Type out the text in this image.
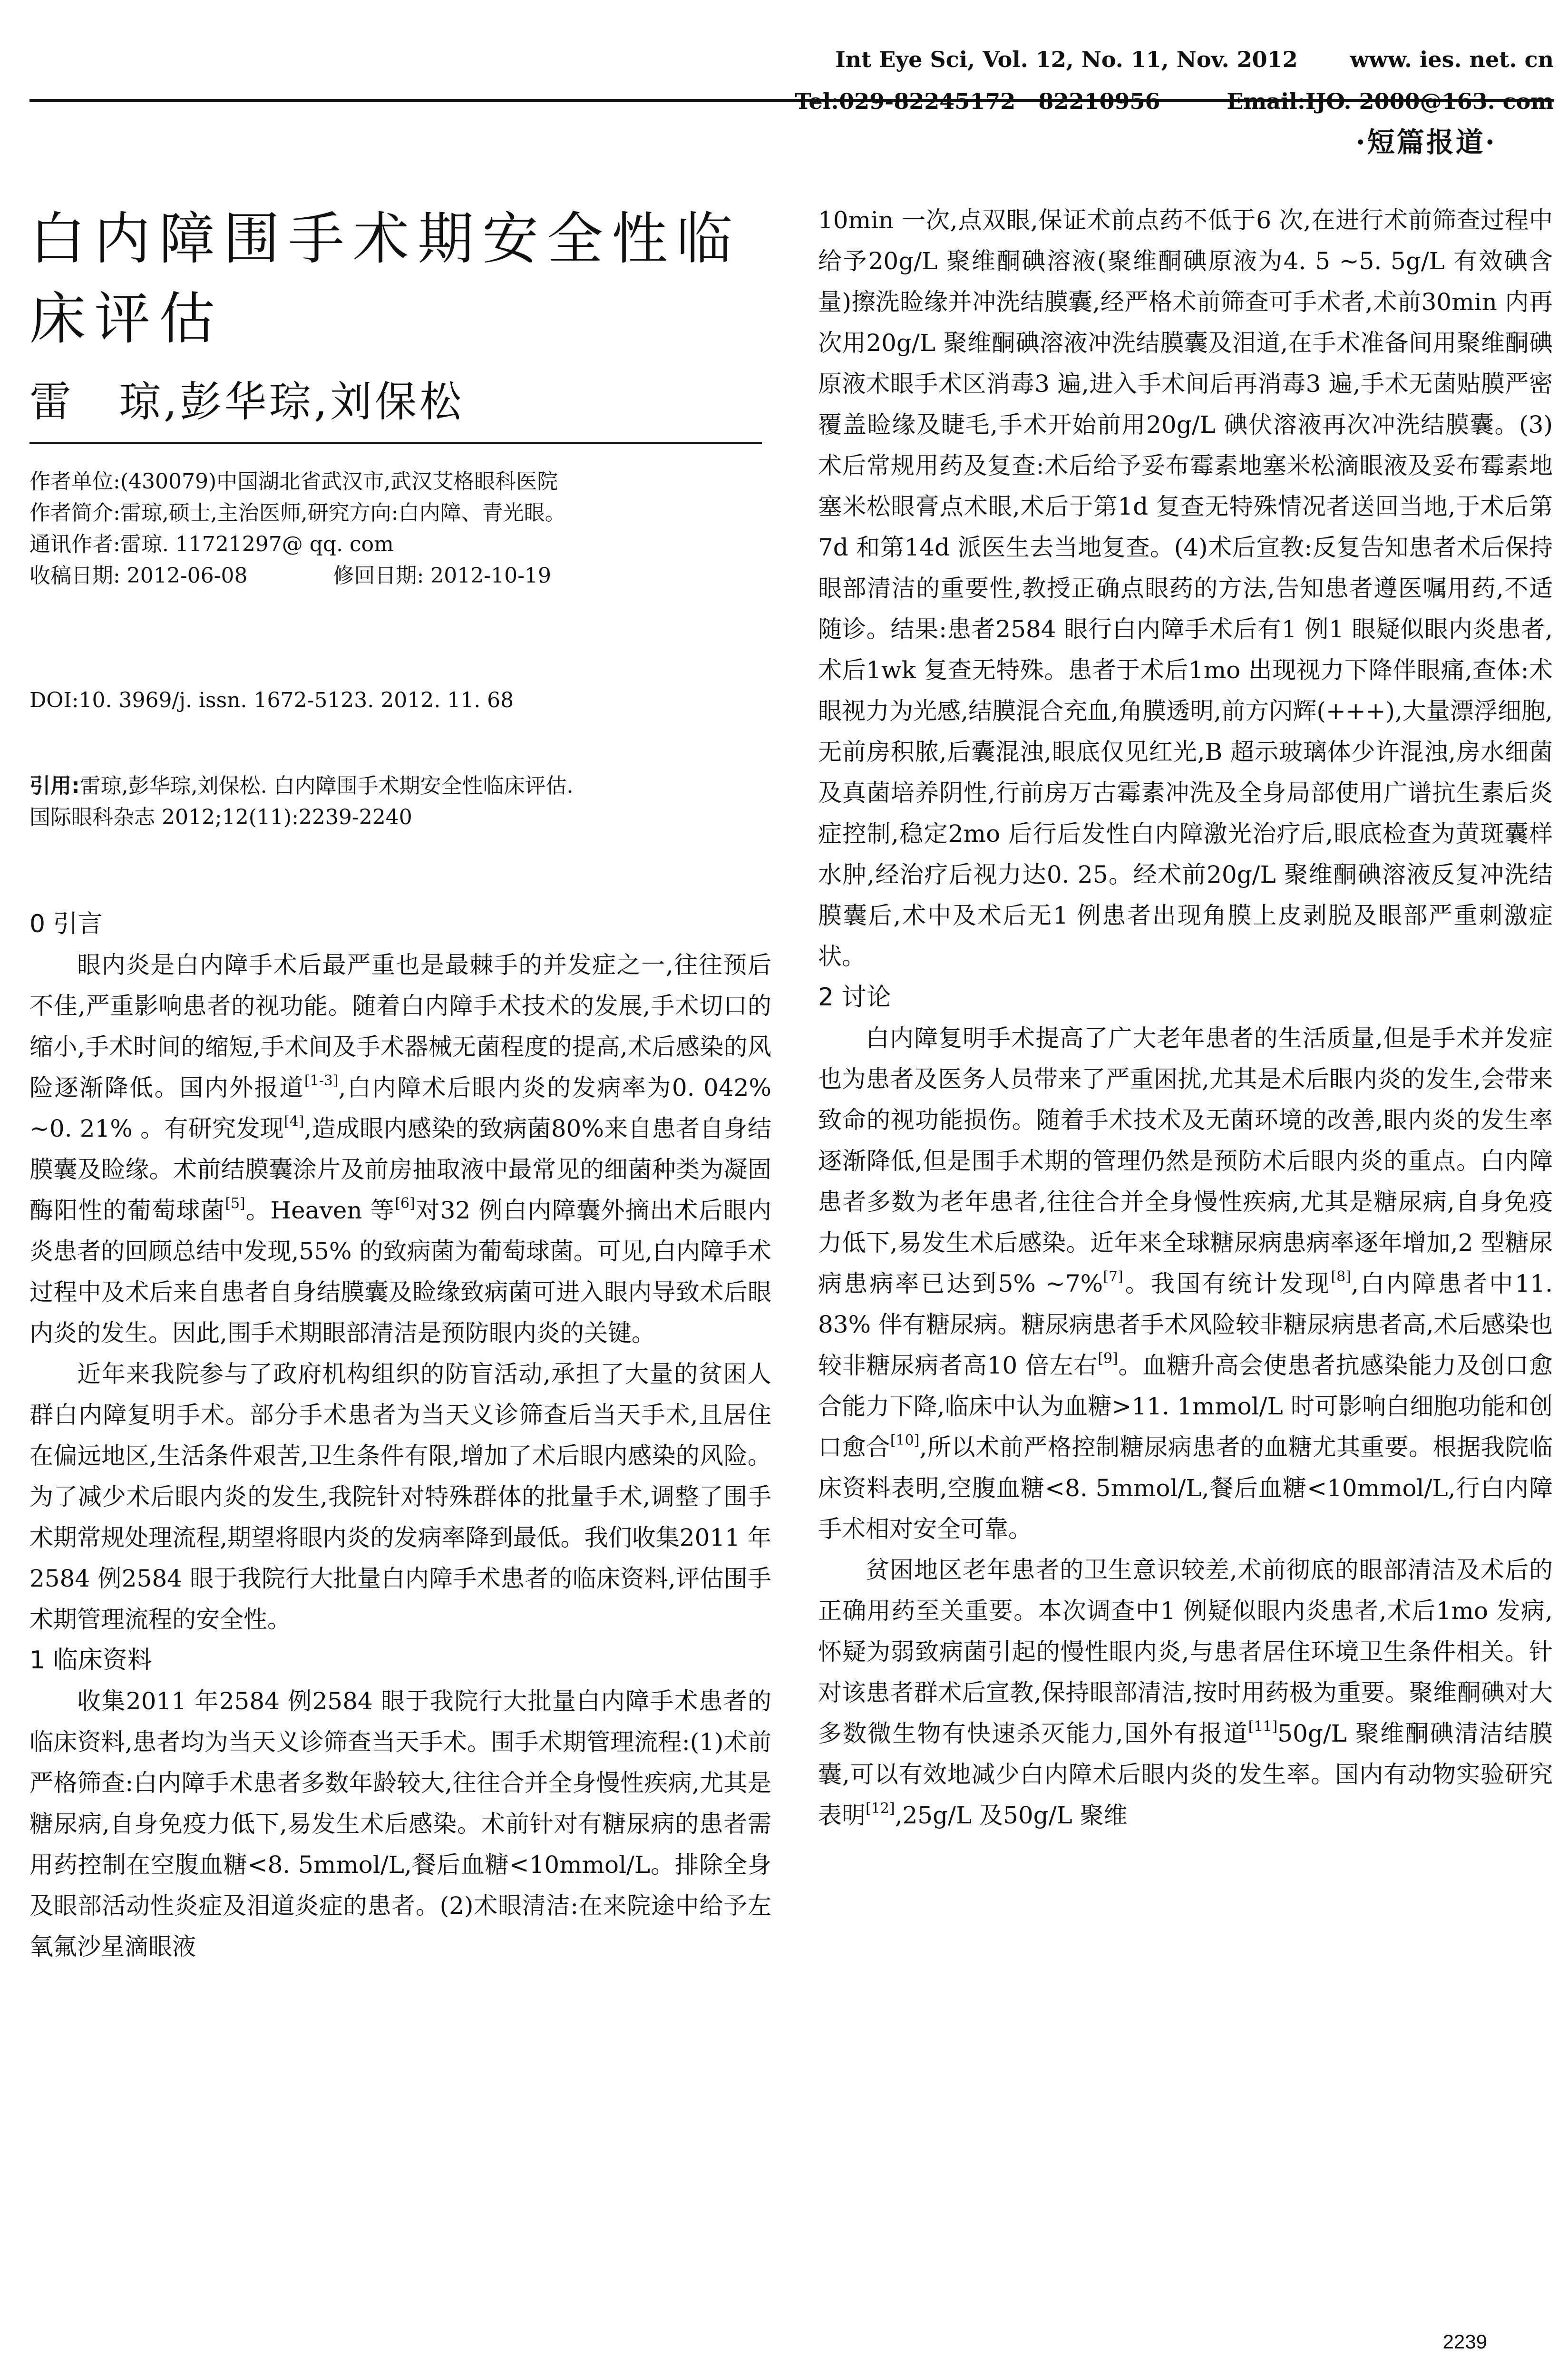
Int Eye Sci, Vol. 12, No. 11, Nov. 2012 www. ies. net. cn

Tel:029-82245172   82210956	Email:IJO. 2000@163. com

·短篇报道·
白内障围手术期安全性临床评估
雷　琼,彭华琮,刘保松
作者单位:(430079)中国湖北省武汉市,武汉艾格眼科医院
作者简介:雷琼,硕士,主治医师,研究方向:白内障、青光眼。
通讯作者:雷琼. 11721297@ qq. com
收稿日期: 2012-06-08	修回日期: 2012-10-19
DOI:10. 3969/j. issn. 1672-5123. 2012. 11. 68
引用:雷琼,彭华琮,刘保松. 白内障围手术期安全性临床评估.
国际眼科杂志 2012;12(11):2239-2240
0 引言

眼内炎是白内障手术后最严重也是最棘手的并发症之一,往往预后不佳,严重影响患者的视功能。随着白内障手术技术的发展,手术切口的缩小,手术时间的缩短,手术间及手术器械无菌程度的提高,术后感染的风险逐渐降低。国内外报道[1-3],白内障术后眼内炎的发病率为0. 042% ~0. 21% 。有研究发现[4],造成眼内感染的致病菌80%来自患者自身结膜囊及睑缘。术前结膜囊涂片及前房抽取液中最常见的细菌种类为凝固酶阳性的葡萄球菌[5]。Heaven 等[6]对32 例白内障囊外摘出术后眼内炎患者的回顾总结中发现,55% 的致病菌为葡萄球菌。可见,白内障手术过程中及术后来自患者自身结膜囊及睑缘致病菌可进入眼内导致术后眼内炎的发生。因此,围手术期眼部清洁是预防眼内炎的关键。

近年来我院参与了政府机构组织的防盲活动,承担了大量的贫困人群白内障复明手术。部分手术患者为当天义诊筛查后当天手术,且居住在偏远地区,生活条件艰苦,卫生条件有限,增加了术后眼内感染的风险。为了减少术后眼内炎的发生,我院针对特殊群体的批量手术,调整了围手术期常规处理流程,期望将眼内炎的发病率降到最低。我们收集2011 年2584 例2584 眼于我院行大批量白内障手术患者的临床资料,评估围手术期管理流程的安全性。

1 临床资料

收集2011 年2584 例2584 眼于我院行大批量白内障手术患者的临床资料,患者均为当天义诊筛查当天手术。围手术期管理流程:(1)术前严格筛查:白内障手术患者多数年龄较大,往往合并全身慢性疾病,尤其是糖尿病,自身免疫力低下,易发生术后感染。术前针对有糖尿病的患者需用药控制在空腹血糖<8. 5mmol/L,餐后血糖<10mmol/L。排除全身及眼部活动性炎症及泪道炎症的患者。(2)术眼清洁:在来院途中给予左氧氟沙星滴眼液

10min 一次,点双眼,保证术前点药不低于6 次,在进行术前筛查过程中给予20g/L 聚维酮碘溶液(聚维酮碘原液为4. 5 ~5. 5g/L 有效碘含量)擦洗睑缘并冲洗结膜囊,经严格术前筛查可手术者,术前30min 内再次用20g/L 聚维酮碘溶液冲洗结膜囊及泪道,在手术准备间用聚维酮碘原液术眼手术区消毒3 遍,进入手术间后再消毒3 遍,手术无菌贴膜严密覆盖睑缘及睫毛,手术开始前用20g/L 碘伏溶液再次冲洗结膜囊。(3)术后常规用药及复查:术后给予妥布霉素地塞米松滴眼液及妥布霉素地塞米松眼膏点术眼,术后于第1d 复查无特殊情况者送回当地,于术后第7d 和第14d 派医生去当地复查。(4)术后宣教:反复告知患者术后保持眼部清洁的重要性,教授正确点眼药的方法,告知患者遵医嘱用药,不适随诊。结果:患者2584 眼行白内障手术后有1 例1 眼疑似眼内炎患者,术后1wk 复查无特殊。患者于术后1mo 出现视力下降伴眼痛,查体:术眼视力为光感,结膜混合充血,角膜透明,前方闪辉(+++),大量漂浮细胞,无前房积脓,后囊混浊,眼底仅见红光,B 超示玻璃体少许混浊,房水细菌及真菌培养阴性,行前房万古霉素冲洗及全身局部使用广谱抗生素后炎症控制,稳定2mo 后行后发性白内障激光治疗后,眼底检查为黄斑囊样水肿,经治疗后视力达0. 25。经术前20g/L 聚维酮碘溶液反复冲洗结膜囊后,术中及术后无1 例患者出现角膜上皮剥脱及眼部严重刺激症状。

2 讨论

白内障复明手术提高了广大老年患者的生活质量,但是手术并发症也为患者及医务人员带来了严重困扰,尤其是术后眼内炎的发生,会带来致命的视功能损伤。随着手术技术及无菌环境的改善,眼内炎的发生率逐渐降低,但是围手术期的管理仍然是预防术后眼内炎的重点。白内障患者多数为老年患者,往往合并全身慢性疾病,尤其是糖尿病,自身免疫力低下,易发生术后感染。近年来全球糖尿病患病率逐年增加,2 型糖尿病患病率已达到5% ~7%[7]。我国有统计发现[8],白内障患者中11. 83% 伴有糖尿病。糖尿病患者手术风险较非糖尿病患者高,术后感染也较非糖尿病者高10 倍左右[9]。血糖升高会使患者抗感染能力及创口愈合能力下降,临床中认为血糖>11. 1mmol/L 时可影响白细胞功能和创口愈合[10],所以术前严格控制糖尿病患者的血糖尤其重要。根据我院临床资料表明,空腹血糖<8. 5mmol/L,餐后血糖<10mmol/L,行白内障手术相对安全可靠。

贫困地区老年患者的卫生意识较差,术前彻底的眼部清洁及术后的正确用药至关重要。本次调查中1 例疑似眼内炎患者,术后1mo 发病,怀疑为弱致病菌引起的慢性眼内炎,与患者居住环境卫生条件相关。针对该患者群术后宣教,保持眼部清洁,按时用药极为重要。聚维酮碘对大多数微生物有快速杀灭能力,国外有报道[11]50g/L 聚维酮碘清洁结膜囊,可以有效地减少白内障术后眼内炎的发生率。国内有动物实验研究表明[12],25g/L 及50g/L 聚维

2239
